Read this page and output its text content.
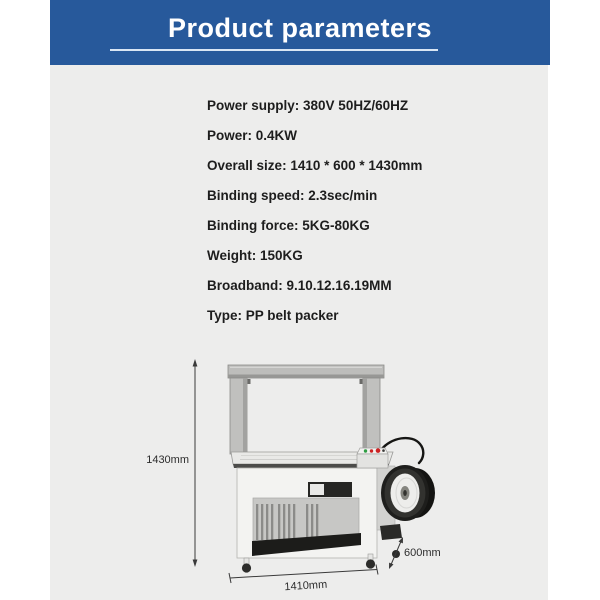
Product parameters
Power supply: 380V 50HZ/60HZ
Power: 0.4KW
Overall size: 1410 * 600 * 1430mm
Binding speed: 2.3sec/min
Binding force: 5KG-80KG
Weight: 150KG
Broadband: 9.10.12.16.19MM
Type: PP belt packer
1430mm
1410mm
600mm
